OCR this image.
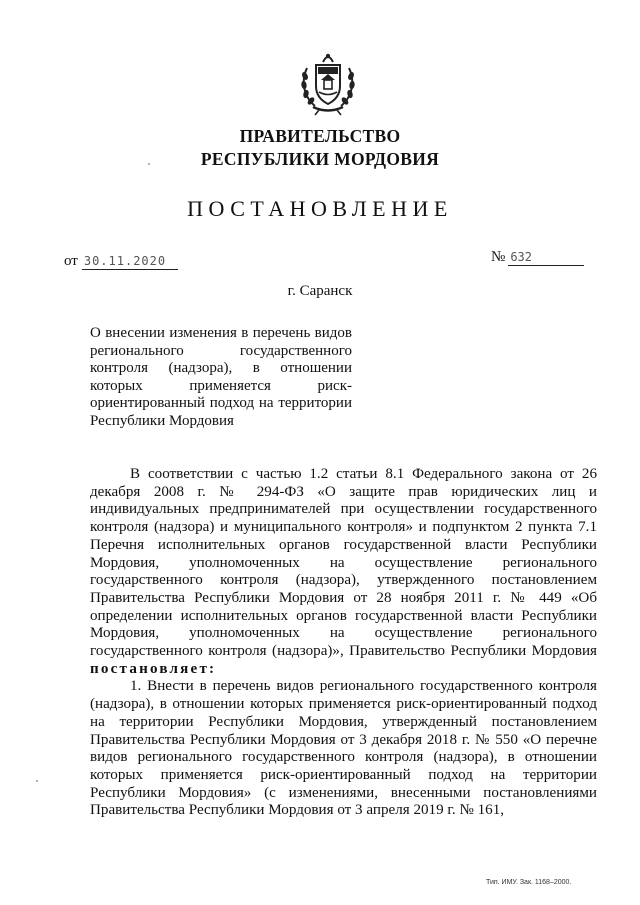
ПРАВИТЕЛЬСТВО
РЕСПУБЛИКИ МОРДОВИЯ
ПОСТАНОВЛЕНИЕ
от 30.11.2020	№ 632
г. Саранск
О внесении изменения в перечень видов регионального государственного контроля (надзора), в отношении которых применяется риск-ориентированный подход на территории Республики Мордовия

В соответствии с частью 1.2 статьи 8.1 Федерального закона от 26 декабря 2008 г. № 294-ФЗ «О защите прав юридических лиц и индивидуальных предпринимателей при осуществлении государственного контроля (надзора) и муниципального контроля» и подпунктом 2 пункта 7.1 Перечня исполнительных органов государственной власти Республики Мордовия, уполномоченных на осуществление регионального государственного контроля (надзора), утвержденного постановлением Правительства Республики Мордовия от 28 ноября 2011 г. № 449 «Об определении исполнительных органов государственной власти Республики Мордовия, уполномоченных на осуществление регионального государственного контроля (надзора)», Правительство Республики Мордовия постановляет:

1. Внести в перечень видов регионального государственного контроля (надзора), в отношении которых применяется риск-ориентированный подход на территории Республики Мордовия, утвержденный постановлением Правительства Республики Мордовия от 3 декабря 2018 г. № 550 «О перечне видов регионального государственного контроля (надзора), в отношении которых применяется риск-ориентированный подход на территории Республики Мордовия» (с изменениями, внесенными постановлениями Правительства Республики Мордовия от 3 апреля 2019 г. № 161,

Тип. ИМУ. Зак. 1168–2000.
